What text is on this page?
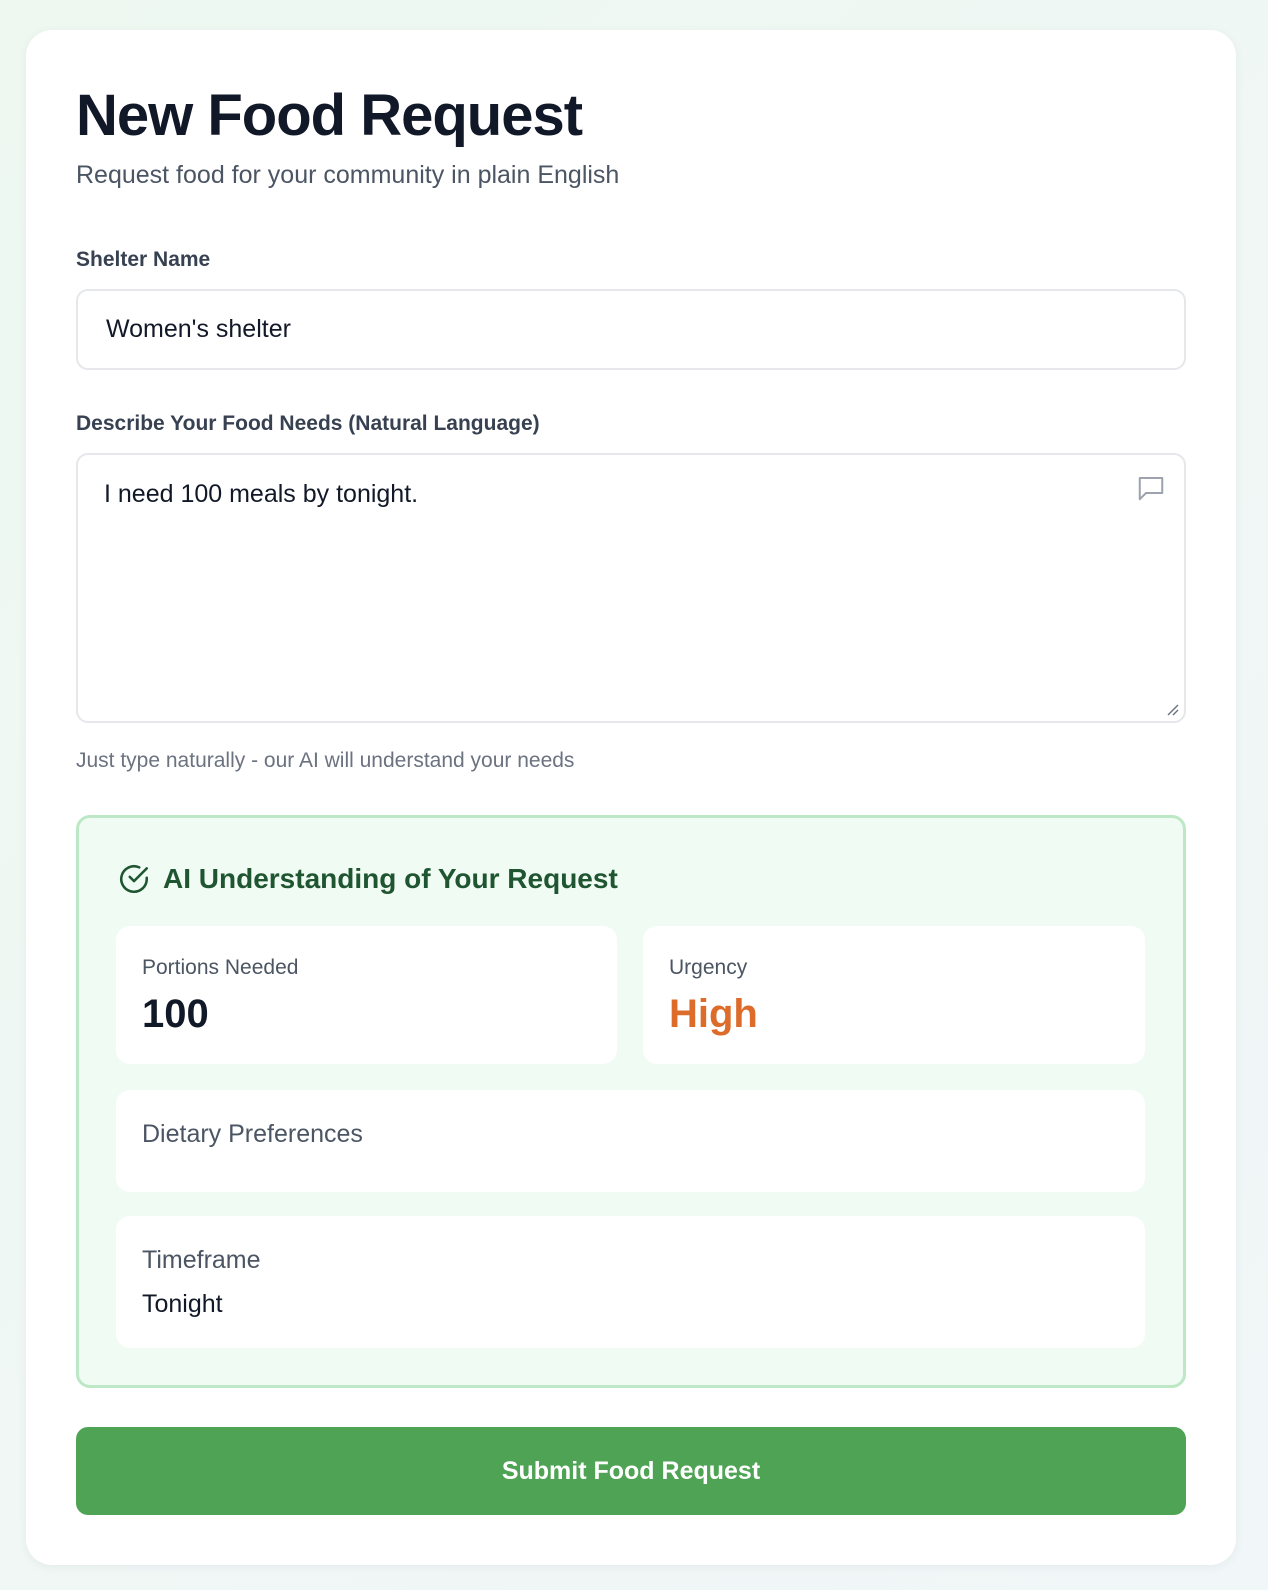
New Food Request

Request food for your community in plain English

Shelter Name
Women's shelter
Describe Your Food Needs (Natural Language)
I need 100 meals by tonight.

Just type naturally - our AI will understand your needs

AI Understanding of Your Request

Portions Needed

100

Urgency

High

Dietary Preferences

Timeframe

Tonight

Submit Food Request
